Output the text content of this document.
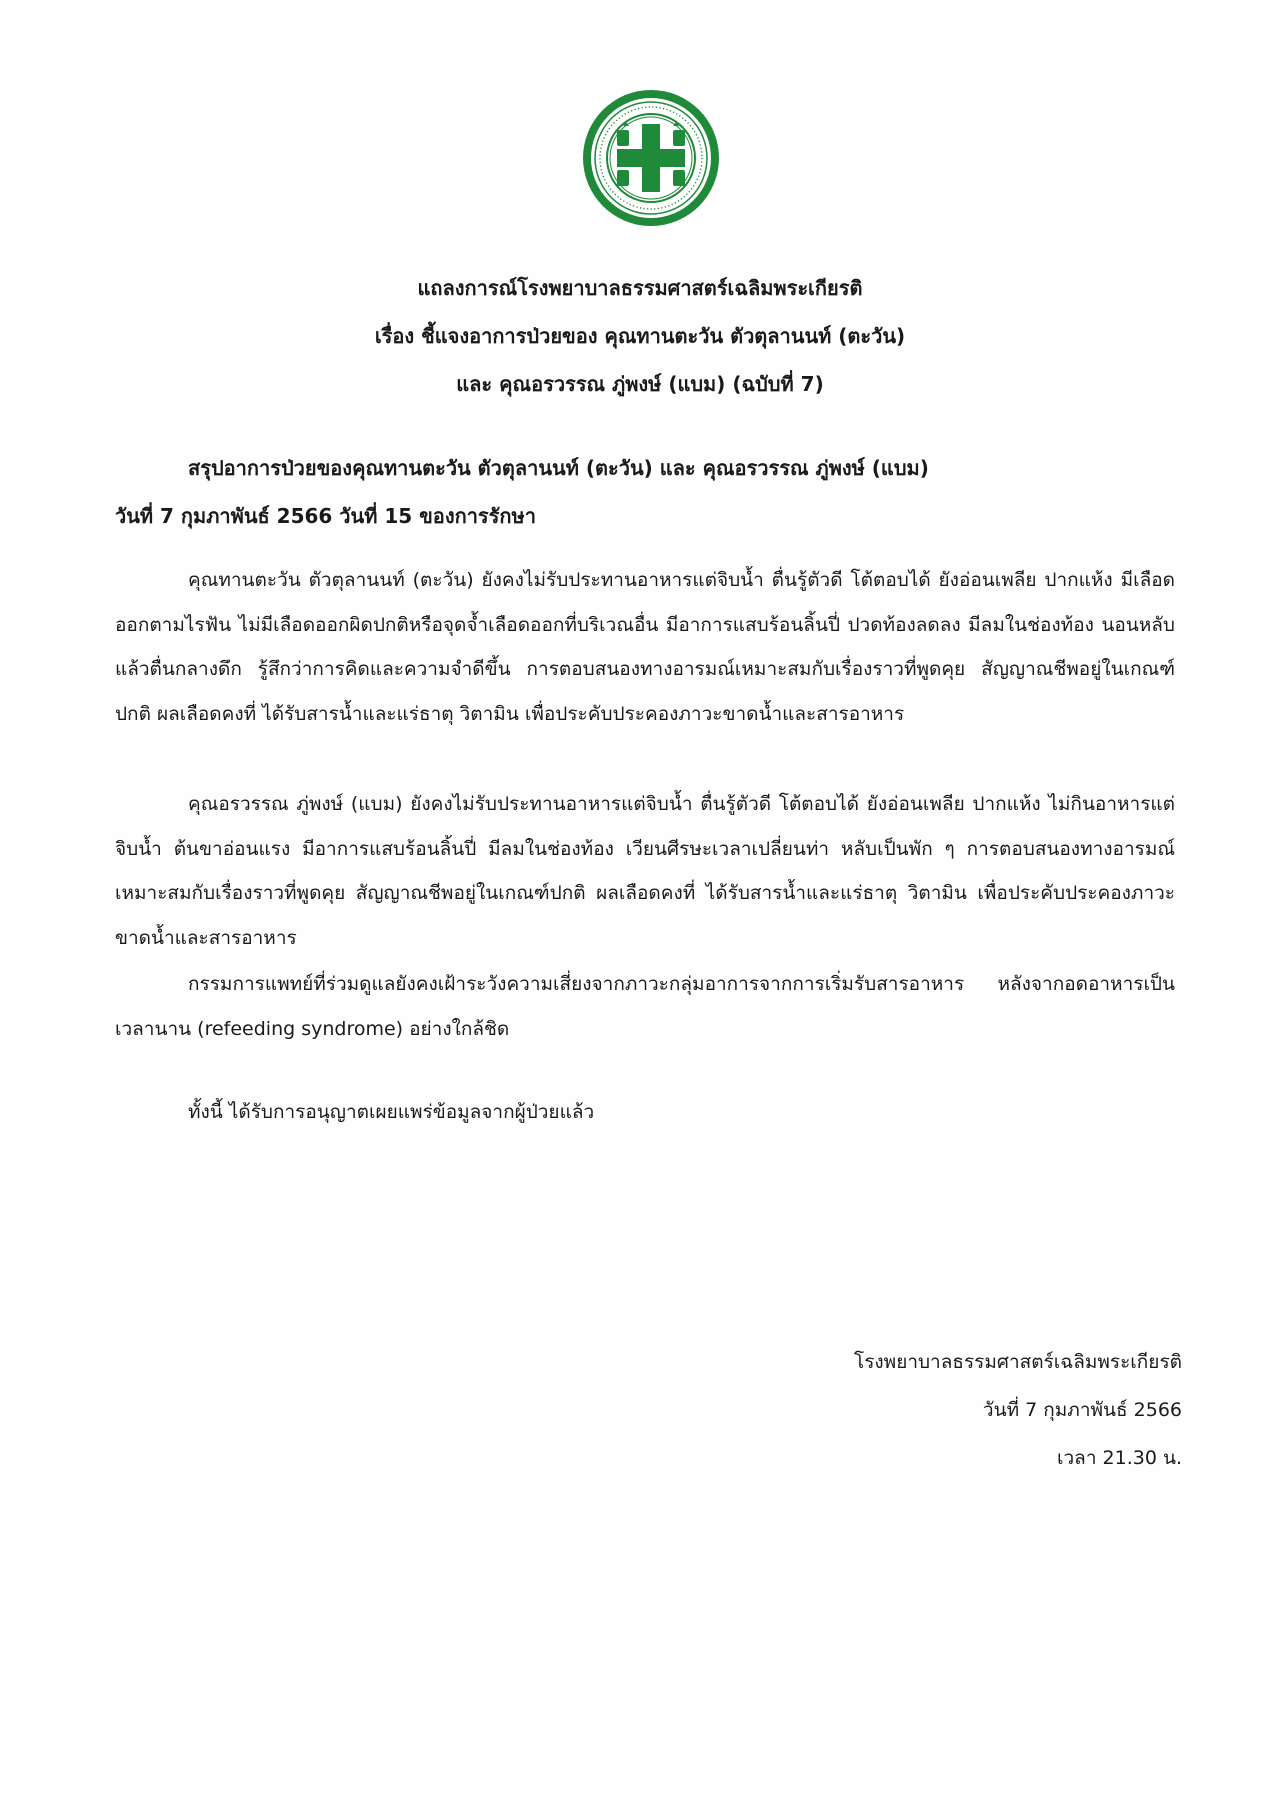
แถลงการณ์โรงพยาบาลธรรมศาสตร์เฉลิมพระเกียรติ
เรื่อง ชี้แจงอาการป่วยของ คุณทานตะวัน ตัวตุลานนท์ (ตะวัน)
และ คุณอรวรรณ ภู่พงษ์ (แบม) (ฉบับที่ 7)
สรุปอาการป่วยของคุณทานตะวัน ตัวตุลานนท์ (ตะวัน) และ คุณอรวรรณ ภู่พงษ์ (แบม)
วันที่ 7 กุมภาพันธ์ 2566 วันที่ 15 ของการรักษา

คุณทานตะวัน ตัวตุลานนท์ (ตะวัน) ยังคงไม่รับประทานอาหารแต่จิบน้ำ ตื่นรู้ตัวดี โต้ตอบได้ ยังอ่อนเพลีย ปากแห้ง มีเลือดออกตามไรฟัน ไม่มีเลือดออกผิดปกติหรือจุดจ้ำเลือดออกที่บริเวณอื่น มีอาการแสบร้อนลิ้นปี่ ปวดท้องลดลง มีลมในช่องท้อง นอนหลับแล้วตื่นกลางดึก รู้สึกว่าการคิดและความจำดีขึ้น การตอบสนองทางอารมณ์เหมาะสมกับเรื่องราวที่พูดคุย สัญญาณชีพอยู่ในเกณฑ์ปกติ ผลเลือดคงที่ ได้รับสารน้ำและแร่ธาตุ วิตามิน เพื่อประคับประคองภาวะขาดน้ำและสารอาหาร

คุณอรวรรณ ภู่พงษ์ (แบม) ยังคงไม่รับประทานอาหารแต่จิบน้ำ ตื่นรู้ตัวดี โต้ตอบได้ ยังอ่อนเพลีย ปากแห้ง ไม่กินอาหารแต่จิบน้ำ ต้นขาอ่อนแรง มีอาการแสบร้อนลิ้นปี่ มีลมในช่องท้อง เวียนศีรษะเวลาเปลี่ยนท่า หลับเป็นพัก ๆ การตอบสนองทางอารมณ์เหมาะสมกับเรื่องราวที่พูดคุย สัญญาณชีพอยู่ในเกณฑ์ปกติ ผลเลือดคงที่ ได้รับสารน้ำและแร่ธาตุ วิตามิน เพื่อประคับประคองภาวะขาดน้ำและสารอาหาร

กรรมการแพทย์ที่ร่วมดูแลยังคงเฝ้าระวังความเสี่ยงจากภาวะกลุ่มอาการจากการเริ่มรับสารอาหาร หลังจากอดอาหารเป็นเวลานาน (refeeding syndrome) อย่างใกล้ชิด

ทั้งนี้ ได้รับการอนุญาตเผยแพร่ข้อมูลจากผู้ป่วยแล้ว

โรงพยาบาลธรรมศาสตร์เฉลิมพระเกียรติ
วันที่ 7 กุมภาพันธ์ 2566
เวลา 21.30 น.
